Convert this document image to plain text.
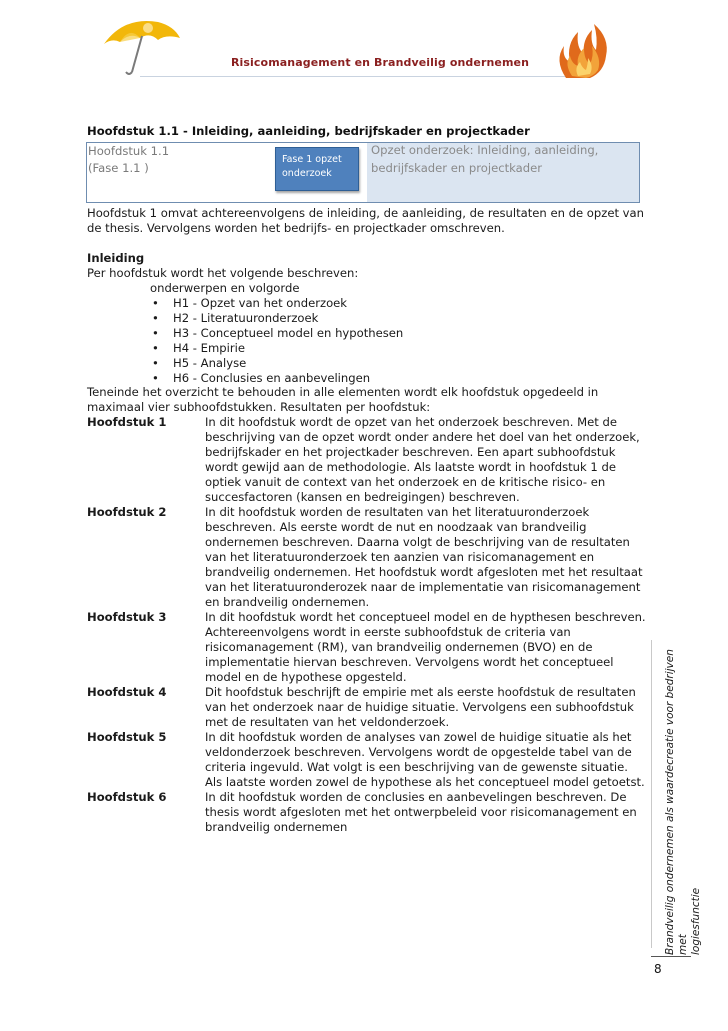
Risicomanagement en Brandveilig ondernemen
Hoofdstuk 1.1 - Inleiding, aanleiding, bedrijfskader en projectkader
Hoofdstuk 1.1
(Fase 1.1 )
Fase 1 opzet
onderzoek
Opzet onderzoek: Inleiding, aanleiding,
bedrijfskader en projectkader
Hoofdstuk 1 omvat achtereenvolgens de inleiding, de aanleiding, de resultaten en de opzet van de thesis. Vervolgens worden het bedrijfs- en projectkader omschreven.
Inleiding
Per hoofdstuk wordt het volgende beschreven:
onderwerpen en volgorde
• H1 - Opzet van het onderzoek
• H2 - Literatuuronderzoek
• H3 - Conceptueel model en hypothesen
• H4 - Empirie
• H5 - Analyse
• H6 - Conclusies en aanbevelingen
Teneinde het overzicht te behouden in alle elementen wordt elk hoofdstuk opgedeeld in maximaal vier subhoofdstukken. Resultaten per hoofdstuk:
Hoofdstuk 1	In dit hoofdstuk wordt de opzet van het onderzoek beschreven. Met de beschrijving van de opzet wordt onder andere het doel van het onderzoek, bedrijfskader en het projectkader beschreven. Een apart subhoofdstuk wordt gewijd aan de methodologie. Als laatste wordt in hoofdstuk 1 de optiek vanuit de context van het onderzoek en de kritische risico- en succesfactoren (kansen en bedreigingen) beschreven.
Hoofdstuk 2	In dit hoofdstuk worden de resultaten van het literatuuronderzoek beschreven. Als eerste wordt de nut en noodzaak van brandveilig ondernemen beschreven. Daarna volgt de beschrijving van de resultaten van het literatuuronderzoek ten aanzien van risicomanagement en brandveilig ondernemen. Het hoofdstuk wordt afgesloten met het resultaat van het literatuuronderozek naar de implementatie van risicomanagement en brandveilig ondernemen.
Hoofdstuk 3	In dit hoofdstuk wordt het conceptueel model en de hypthesen beschreven. Achtereenvolgens wordt in eerste subhoofdstuk de criteria van risicomanagement (RM), van brandveilig ondernemen (BVO) en de implementatie hiervan beschreven. Vervolgens wordt het conceptueel model en de hypothese opgesteld.
Hoofdstuk 4	Dit hoofdstuk beschrijft de empirie met als eerste hoofdstuk de resultaten van het onderzoek naar de huidige situatie. Vervolgens een subhoofdstuk met de resultaten van het veldonderzoek.
Hoofdstuk 5	In dit hoofdstuk worden de analyses van zowel de huidige situatie als het veldonderzoek beschreven. Vervolgens wordt de opgestelde tabel van de criteria ingevuld. Wat volgt is een beschrijving van de gewenste situatie. Als laatste worden zowel de hypothese als het conceptueel model getoetst.
Hoofdstuk 6	In dit hoofdstuk worden de conclusies en aanbevelingen beschreven. De thesis wordt afgesloten met het ontwerpbeleid voor risicomanagement en brandveilig ondernemen	Brandveilig ondernemen als waardecreatie voor bedrijven met logiesfunctie
8
